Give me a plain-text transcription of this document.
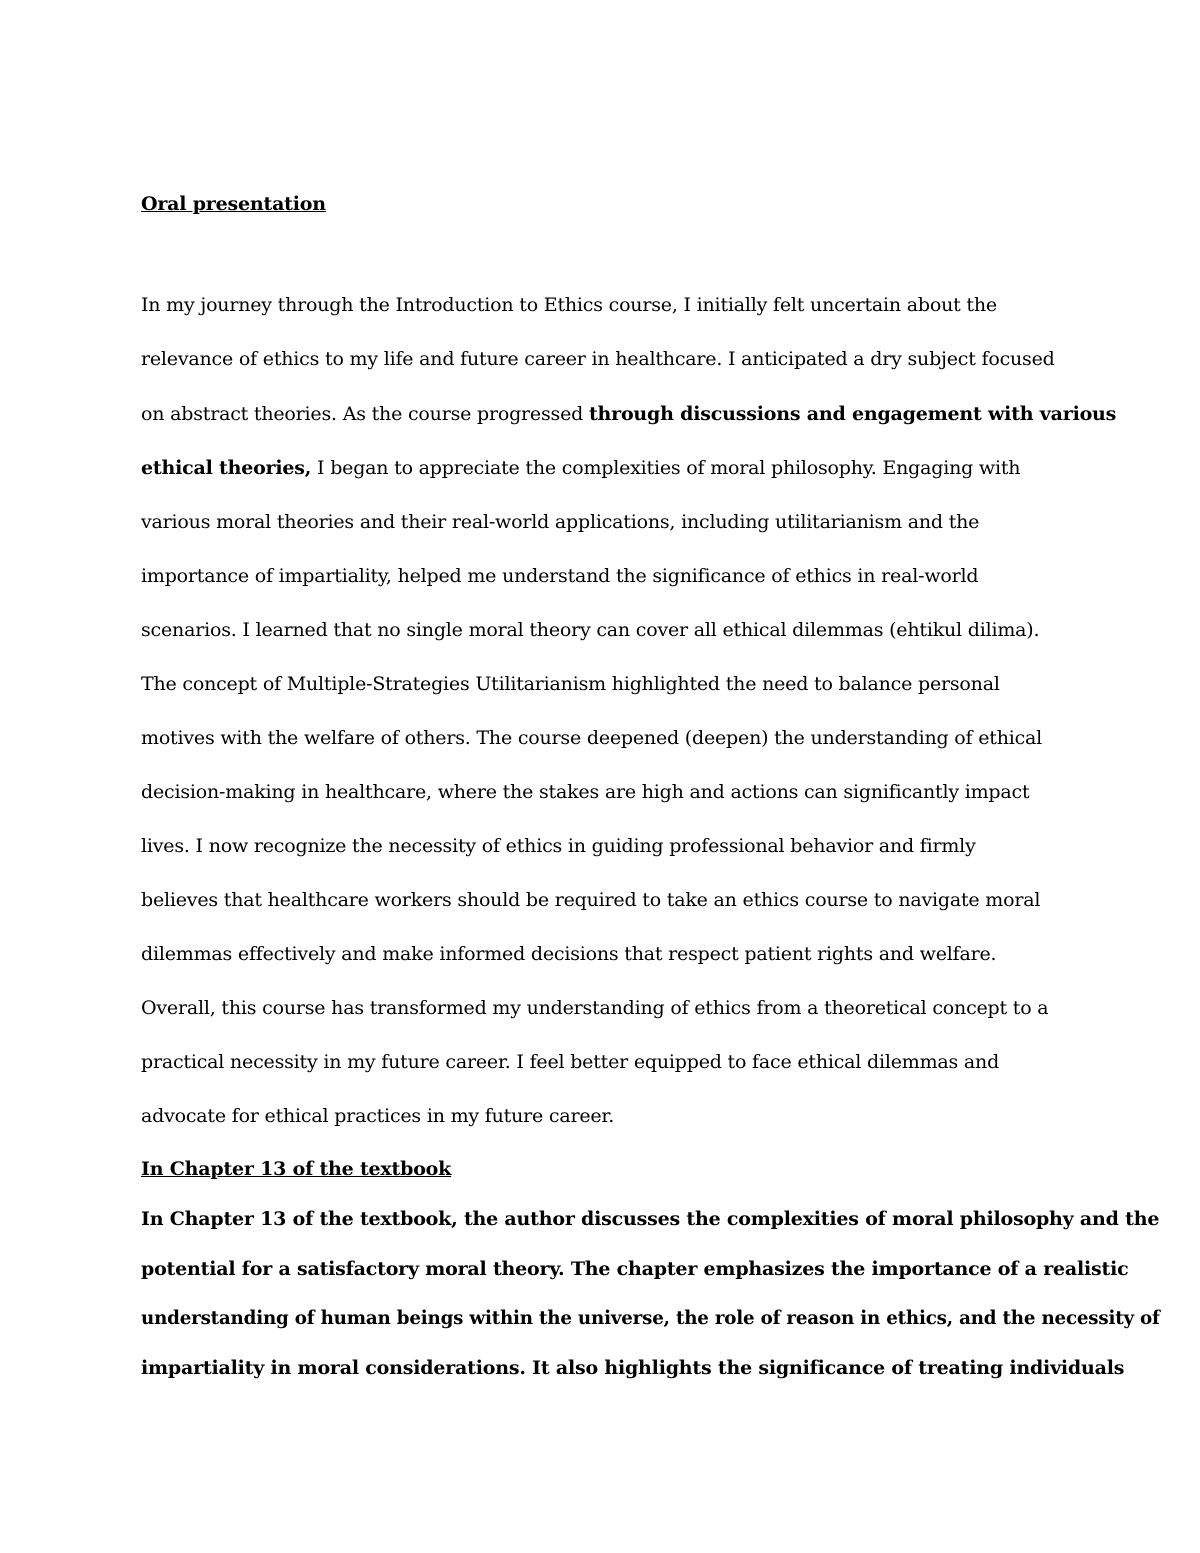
Oral presentation
In my journey through the Introduction to Ethics course, I initially felt uncertain about the
relevance of ethics to my life and future career in healthcare. I anticipated a dry subject focused
on abstract theories. As the course progressed through discussions and engagement with various
ethical theories, I began to appreciate the complexities of moral philosophy. Engaging with
various moral theories and their real-world applications, including utilitarianism and the
importance of impartiality, helped me understand the significance of ethics in real-world
scenarios. I learned that no single moral theory can cover all ethical dilemmas (ehtikul dilima).
The concept of Multiple-Strategies Utilitarianism highlighted the need to balance personal
motives with the welfare of others. The course deepened (deepen) the understanding of ethical
decision-making in healthcare, where the stakes are high and actions can significantly impact
lives. I now recognize the necessity of ethics in guiding professional behavior and firmly
believes that healthcare workers should be required to take an ethics course to navigate moral
dilemmas effectively and make informed decisions that respect patient rights and welfare.
Overall, this course has transformed my understanding of ethics from a theoretical concept to a
practical necessity in my future career. I feel better equipped to face ethical dilemmas and
advocate for ethical practices in my future career.
In Chapter 13 of the textbook
In Chapter 13 of the textbook, the author discusses the complexities of moral philosophy and the
potential for a satisfactory moral theory. The chapter emphasizes the importance of a realistic
understanding of human beings within the universe, the role of reason in ethics, and the necessity of
impartiality in moral considerations. It also highlights the significance of treating individuals
